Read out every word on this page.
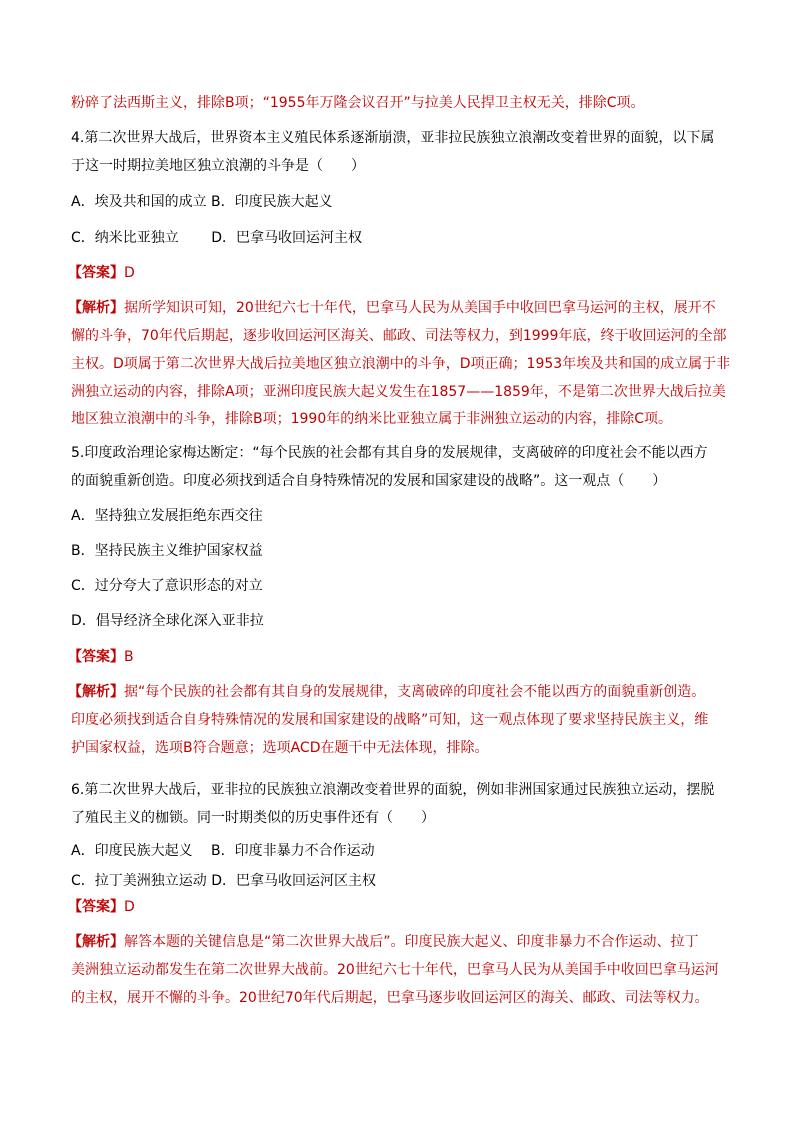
粉碎了法西斯主义，排除B项；“1955年万隆会议召开”与拉美人民捍卫主权无关，排除C项。
4.第二次世界大战后，世界资本主义殖民体系逐渐崩溃，亚非拉民族独立浪潮改变着世界的面貌，以下属
于这一时期拉美地区独立浪潮的斗争是（　　）
A．埃及共和国的成立 B．印度民族大起义
C．纳米比亚独立　　 D．巴拿马收回运河主权
【答案】D
【解析】据所学知识可知，20世纪六七十年代，巴拿马人民为从美国手中收回巴拿马运河的主权，展开不
懈的斗争，70年代后期起，逐步收回运河区海关、邮政、司法等权力，到1999年底，终于收回运河的全部
主权。D项属于第二次世界大战后拉美地区独立浪潮中的斗争，D项正确；1953年埃及共和国的成立属于非
洲独立运动的内容，排除A项；亚洲印度民族大起义发生在1857——1859年，不是第二次世界大战后拉美
地区独立浪潮中的斗争，排除B项；1990年的纳米比亚独立属于非洲独立运动的内容，排除C项。
5.印度政治理论家梅达断定：“每个民族的社会都有其自身的发展规律，支离破碎的印度社会不能以西方
的面貌重新创造。印度必须找到适合自身特殊情况的发展和国家建设的战略”。这一观点（　　）
A．坚持独立发展拒绝东西交往
B．坚持民族主义维护国家权益
C．过分夸大了意识形态的对立
D．倡导经济全球化深入亚非拉
【答案】B
【解析】据“每个民族的社会都有其自身的发展规律，支离破碎的印度社会不能以西方的面貌重新创造。
印度必须找到适合自身特殊情况的发展和国家建设的战略”可知，这一观点体现了要求坚持民族主义，维
护国家权益，选项B符合题意；选项ACD在题干中无法体现，排除。
6.第二次世界大战后，亚非拉的民族独立浪潮改变着世界的面貌，例如非洲国家通过民族独立运动，摆脱
了殖民主义的枷锁。同一时期类似的历史事件还有（　　）
A．印度民族大起义　 B．印度非暴力不合作运动
C．拉丁美洲独立运动 D．巴拿马收回运河区主权
【答案】D
【解析】解答本题的关键信息是“第二次世界大战后”。印度民族大起义、印度非暴力不合作运动、拉丁
美洲独立运动都发生在第二次世界大战前。20世纪六七十年代，巴拿马人民为从美国手中收回巴拿马运河
的主权，展开不懈的斗争。20世纪70年代后期起，巴拿马逐步收回运河区的海关、邮政、司法等权力。
